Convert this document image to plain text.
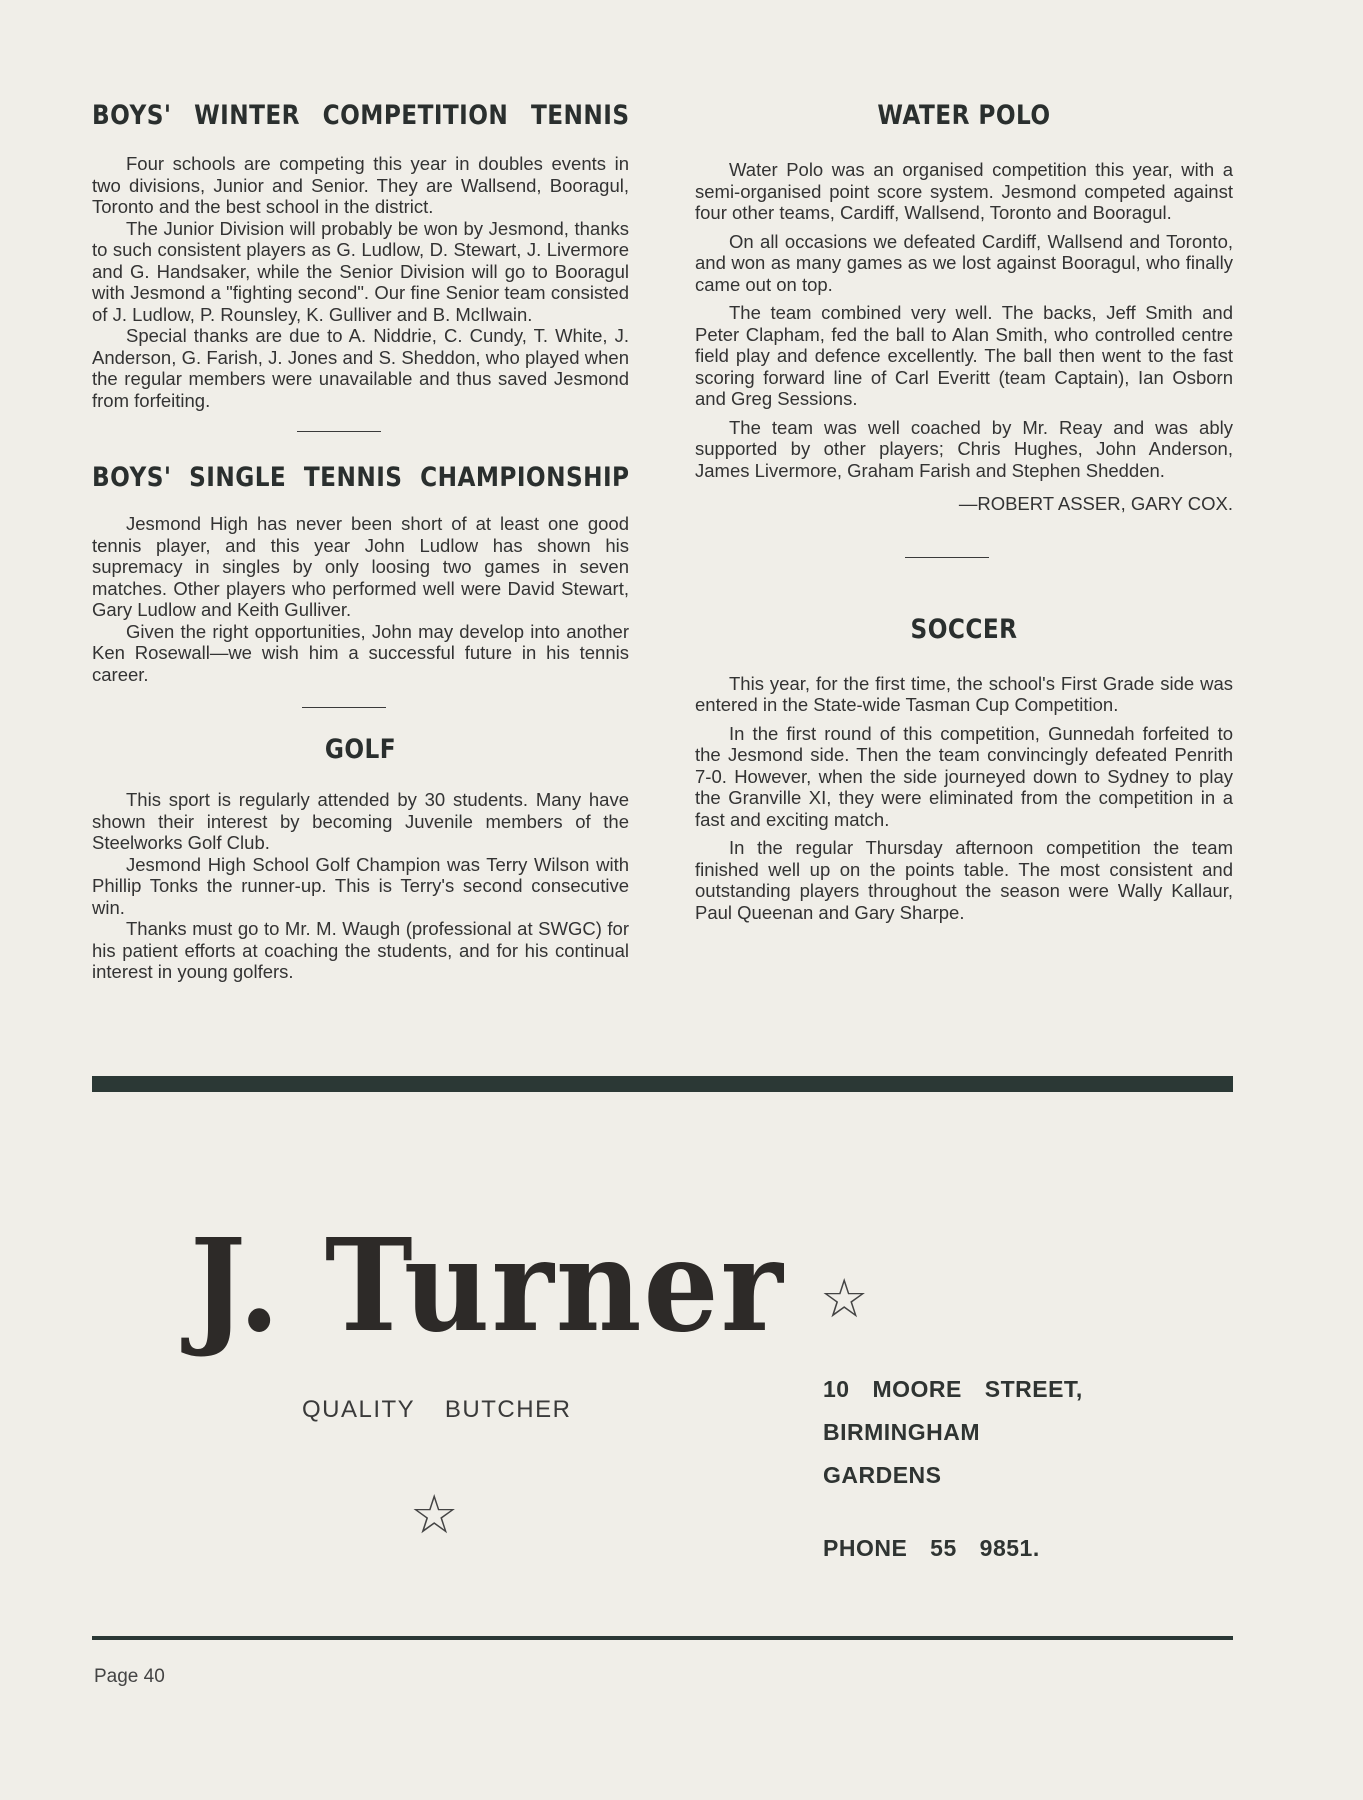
BOYS' WINTER COMPETITION TENNIS

Four schools are competing this year in doubles events in two divisions, Junior and Senior. They are Wallsend, Booragul, Toronto and the best school in the district.

The Junior Division will probably be won by Jesmond, thanks to such consistent players as G. Ludlow, D. Stewart, J. Livermore and G. Handsaker, while the Senior Division will go to Booragul with Jesmond a "fighting second". Our fine Senior team consisted of J. Ludlow, P. Rounsley, K. Gulliver and B. McIlwain.

Special thanks are due to A. Niddrie, C. Cundy, T. White, J. Anderson, G. Farish, J. Jones and S. Sheddon, who played when the regular members were unavailable and thus saved Jesmond from forfeiting.

BOYS' SINGLE TENNIS CHAMPIONSHIP

Jesmond High has never been short of at least one good tennis player, and this year John Ludlow has shown his supremacy in singles by only loosing two games in seven matches. Other players who performed well were David Stewart, Gary Ludlow and Keith Gulliver.

Given the right opportunities, John may develop into another Ken Rosewall—we wish him a successful future in his tennis career.

GOLF

This sport is regularly attended by 30 students. Many have shown their interest by becoming Juvenile members of the Steelworks Golf Club.

Jesmond High School Golf Champion was Terry Wilson with Phillip Tonks the runner-up. This is Terry's second consecutive win.

Thanks must go to Mr. M. Waugh (professional at SWGC) for his patient efforts at coaching the students, and for his continual interest in young golfers.

WATER POLO

Water Polo was an organised competition this year, with a semi-organised point score system. Jesmond competed against four other teams, Cardiff, Wallsend, Toronto and Booragul.

On all occasions we defeated Cardiff, Wallsend and Toronto, and won as many games as we lost against Booragul, who finally came out on top.

The team combined very well. The backs, Jeff Smith and Peter Clapham, fed the ball to Alan Smith, who controlled centre field play and defence excellently. The ball then went to the fast scoring forward line of Carl Everitt (team Captain), Ian Osborn and Greg Sessions.

The team was well coached by Mr. Reay and was ably supported by other players; Chris Hughes, John Anderson, James Livermore, Graham Farish and Stephen Shedden.

—ROBERT ASSER, GARY COX.

SOCCER

This year, for the first time, the school's First Grade side was entered in the State-wide Tasman Cup Competition.

In the first round of this competition, Gunnedah forfeited to the Jesmond side. Then the team convincingly defeated Penrith 7-0. However, when the side journeyed down to Sydney to play the Granville XI, they were eliminated from the competition in a fast and exciting match.

In the regular Thursday afternoon competition the team finished well up on the points table. The most consistent and outstanding players throughout the season were Wally Kallaur, Paul Queenan and Gary Sharpe.

J. Turner ☆
QUALITY BUTCHER
☆
10 MOORE STREET,
BIRMINGHAM
GARDENS
PHONE 55 9851.
Page 40
